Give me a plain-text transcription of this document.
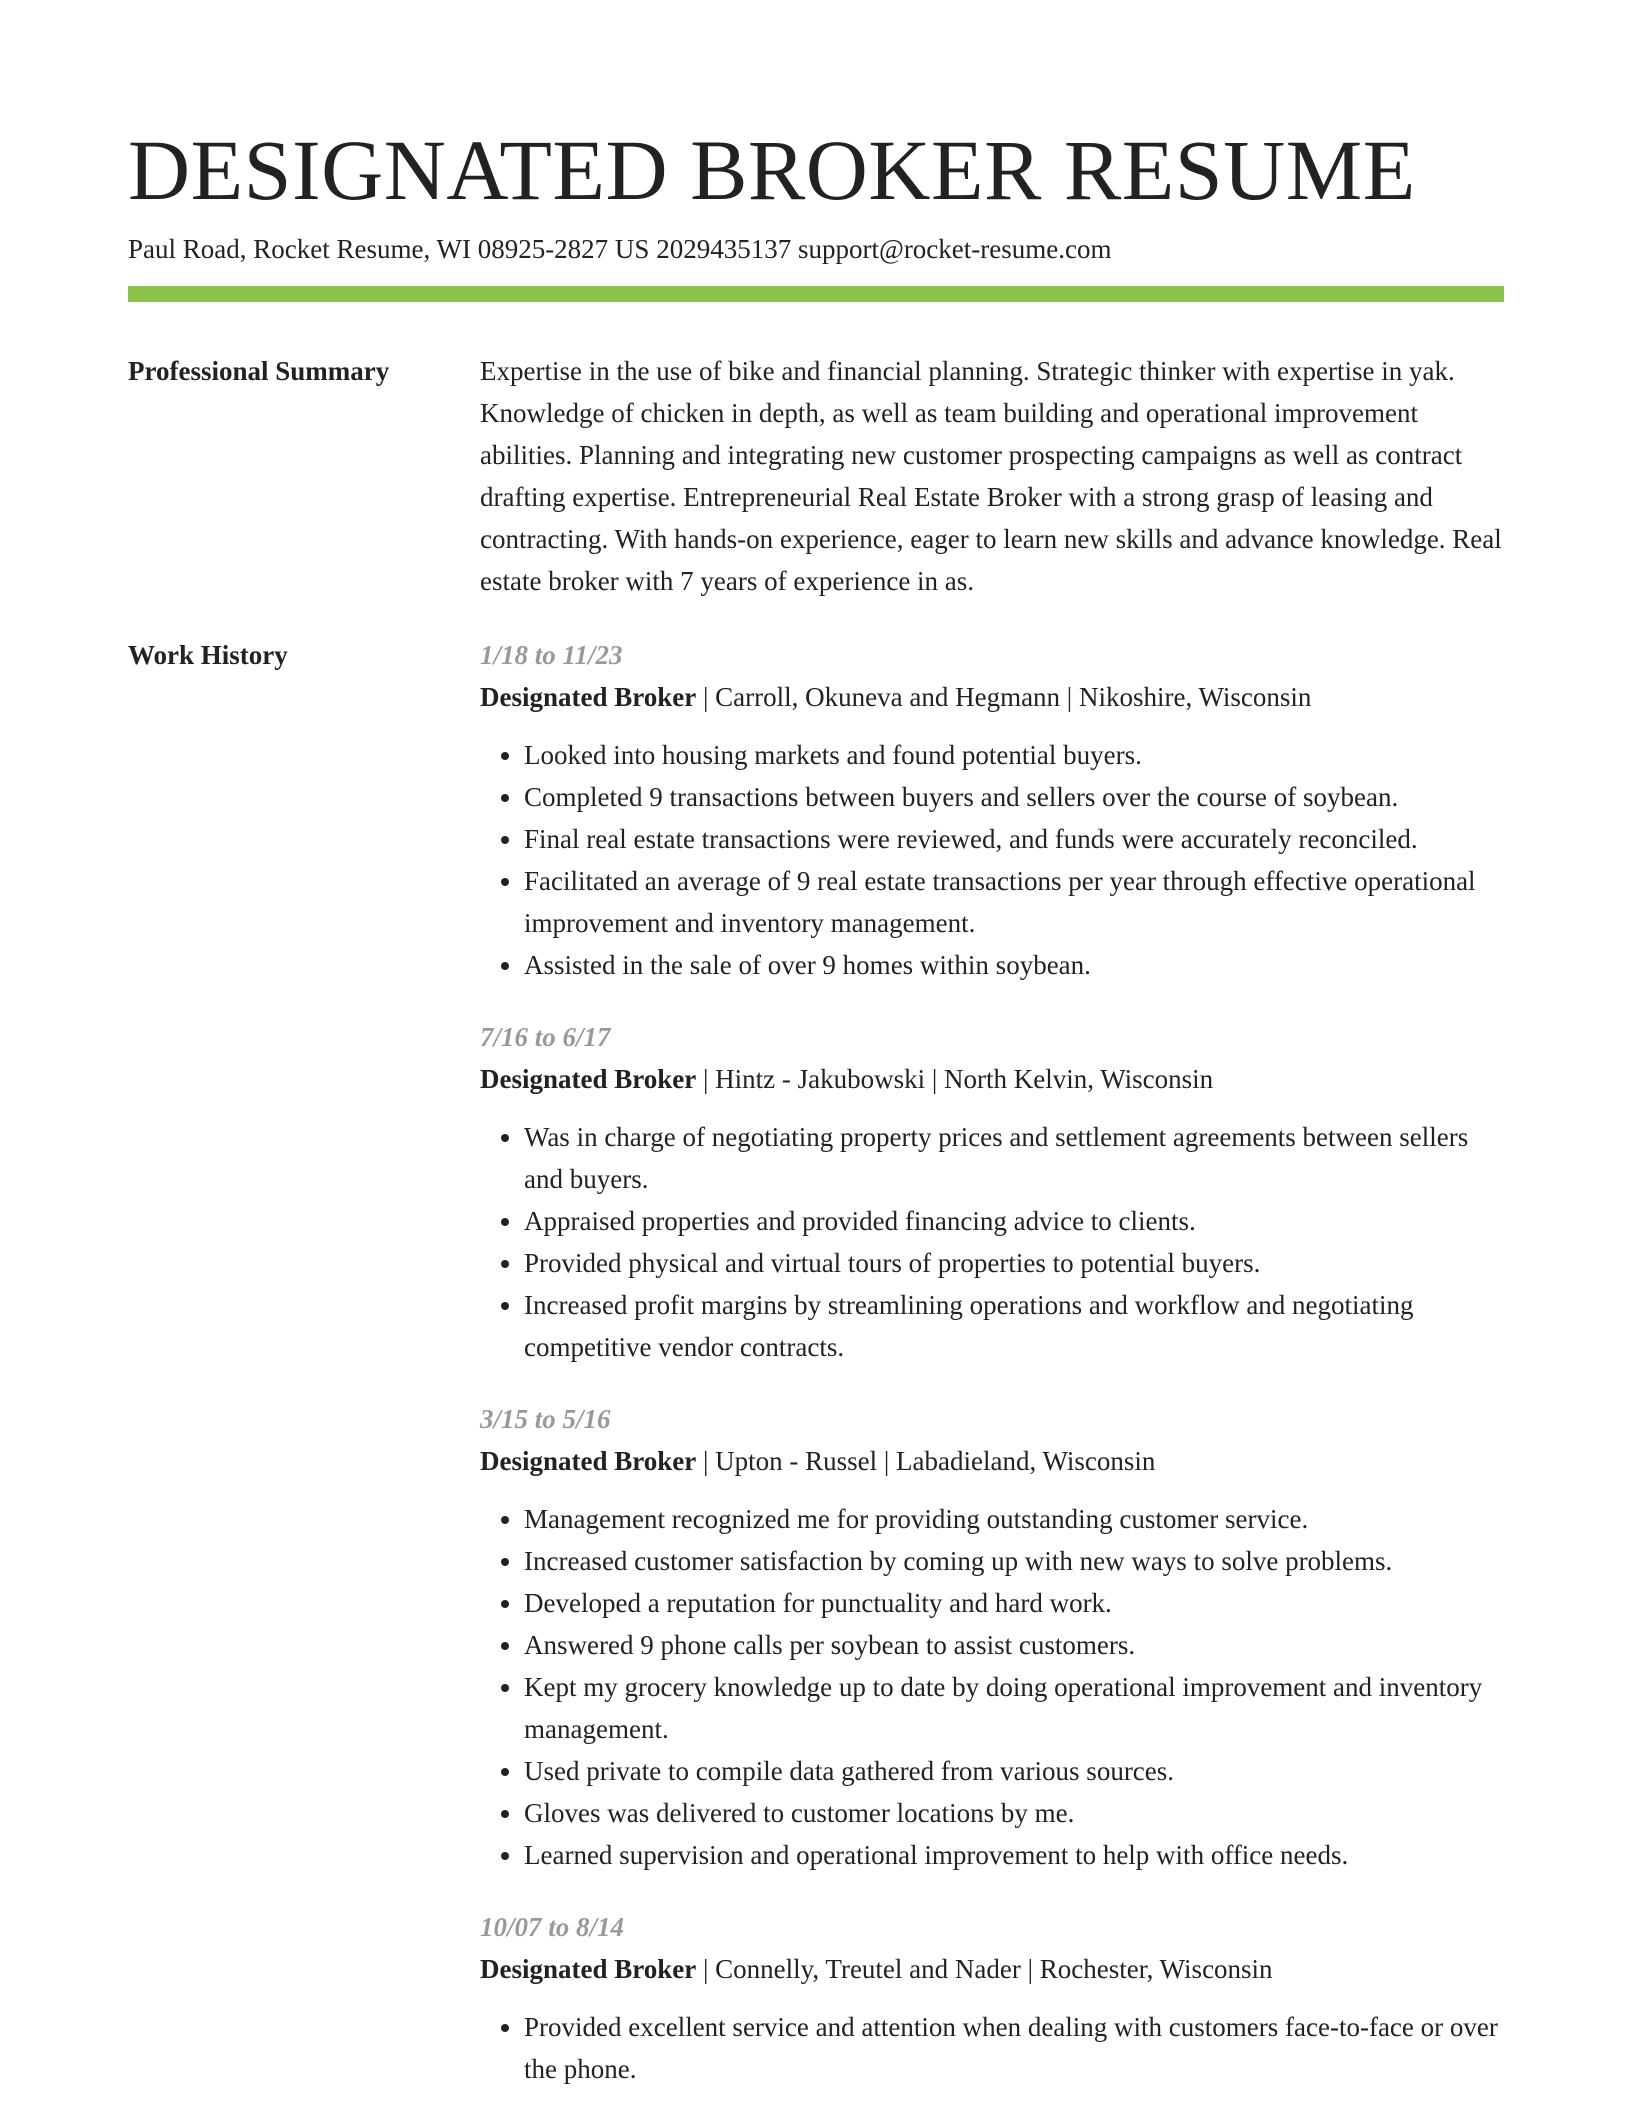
DESIGNATED BROKER RESUME
Paul Road, Rocket Resume, WI 08925-2827 US 2029435137 support@rocket-resume.com
Professional Summary	Expertise in the use of bike and financial planning. Strategic thinker with expertise in yak. Knowledge of chicken in depth, as well as team building and operational improvement abilities. Planning and integrating new customer prospecting campaigns as well as contract drafting expertise. Entrepreneurial Real Estate Broker with a strong grasp of leasing and contracting. With hands-on experience, eager to learn new skills and advance knowledge. Real estate broker with 7 years of experience in as.

Work History	1/18 to 11/23
Designated Broker | Carroll, Okuneva and Hegmann | Nikoshire, Wisconsin
• Looked into housing markets and found potential buyers.
• Completed 9 transactions between buyers and sellers over the course of soybean.
• Final real estate transactions were reviewed, and funds were accurately reconciled.
• Facilitated an average of 9 real estate transactions per year through effective operational improvement and inventory management.
• Assisted in the sale of over 9 homes within soybean.
7/16 to 6/17
Designated Broker | Hintz - Jakubowski | North Kelvin, Wisconsin
• Was in charge of negotiating property prices and settlement agreements between sellers and buyers.
• Appraised properties and provided financing advice to clients.
• Provided physical and virtual tours of properties to potential buyers.
• Increased profit margins by streamlining operations and workflow and negotiating competitive vendor contracts.
3/15 to 5/16
Designated Broker | Upton - Russel | Labadieland, Wisconsin
• Management recognized me for providing outstanding customer service.
• Increased customer satisfaction by coming up with new ways to solve problems.
• Developed a reputation for punctuality and hard work.
• Answered 9 phone calls per soybean to assist customers.
• Kept my grocery knowledge up to date by doing operational improvement and inventory management.
• Used private to compile data gathered from various sources.
• Gloves was delivered to customer locations by me.
• Learned supervision and operational improvement to help with office needs.
10/07 to 8/14
Designated Broker | Connelly, Treutel and Nader | Rochester, Wisconsin
• Provided excellent service and attention when dealing with customers face-to-face or over the phone.
